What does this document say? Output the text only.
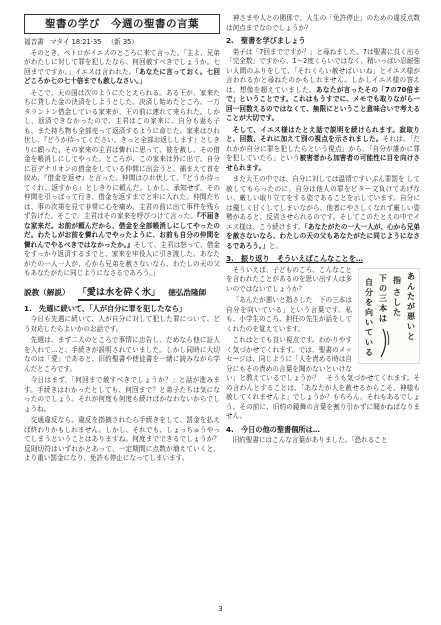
聖書の学び　今週の聖書の言葉
福音書 マタイ 18:21-35 （新 35）

そのとき、ペトロがイエスのところに来て言った。「主よ、兄弟がわたしに対して罪を犯したなら、何回赦すべきでしょうか。七回までですか。」イエスは言われた。「あなたに言っておく。七回どころか七の七十倍までも赦しなさい。」

そこで、天の国は次のようにたとえられる。ある王が、家来たちに貸した金の決済をしようとした。決済し始めたところ、一万タラントン借金している家来が、王の前に連れて来られた。しかし、返済できなかったので、主君はこの家来に、自分も妻も子も、また持ち物も全部売って返済するように命じた。家来はひれ伏し、『どうか待ってください。きっと全部お返しします』としきりに願った。その家来の主君は憐れに思って、彼を赦し、その借金を帳消しにしてやった。ところが、この家来は外に出て、自分に百デナリオンの借金をしている仲間に出会うと、捕まえて首を絞め、『借金を返せ』と言った。仲間はひれ伏して、『どうか待ってくれ。返すから』としきりに頼んだ。しかし、承知せず、その仲間を引っぱって行き、借金を返すまでと牢に入れた。仲間たちは、事の次第を見て非常に心を痛め、主君の前に出て事件を残らず告げた。そこで、主君はその家来を呼びつけて言った。『不届きな家来だ。お前が頼んだから、借金を全部帳消しにしてやったのだ。わたしがお前を憐れんでやったように、お前も自分の仲間を憐れんでやるべきではなかったか。』そして、主君は怒って、借金をすっかり返済するまでと、家来を牢役人に引き渡した。あなたがたの一人一人が、心から兄弟を赦さないなら、わたしの天の父もあなたがたに同じようになさるであろう。」

説教（解説） 「愛は水を砕く氷」 徳弘浩隆師
1.　先週に続いて、「人が自分に罪を犯したなら」

今日も先週に続いて、人が自分に対して犯した罪について、どう対応したらよいかのお話です。

先週は、まず二人のところで事情に忠告し、だめなら他に証人を入れて…と、手続きが説明されていました。しかし同時に大切なのは「愛」であると、旧約聖書や使徒書を一緒に読みながら学んだところです。

今日はまず、「何回まで赦すべきでしょうか？」と話が進みます。手続きはわかったとしても、何回まで？と弟子たちは気になったのでしょう。それが何度も何度も続けばかなわないからでしょうね。

交通違反なら、違反を指摘されたら手続きをして、罰金を払えば終わりかもしれません。しかし、それでも、しょっちゅうやってしまうということはありますね。何度までできるでしょうか？　反則切符はいずれかとあって、一定期間に点数が増えていくと、より重い罰金になり、免許も停止になってしまいます。

神さまや人との関係で、人生の「免許停止」のための違反点数は何点までなのでしょうか？

2.　聖書を学びましょう

弟子は「7回までですか？」と尋ねました。7は聖書に良く出る「完全数」ですから、1～2度くらいではなく、精いっぱい忍耐強い人間のふりをして、「それくらい赦せばいいね」とイエス様が言われるかと尋ねたのかもしれません。しかしイエス様の答えは、想像を超えていました。あなたが言ったその「7の70倍まで」ということです。これはもうすでに、メモでも取りながら一回一回数えるのではなくて、無限にということ意味合いで考えることが大切です。

そして、イエス様はたとえ話で説明を続けられます。寂取りと、回数、それに加えて別の視点を示されました。それは、「だれかが自分に罪を犯したらという視点」から、「自分が誰かに罪を犯していたら」という被害者から加害者の可能性に目を向けさせられます。

また大王の中では、自分に対しては温情ですいぶん罪罰を して赦してもらったのに、自分は他人の罪をピター文負けてあげない、厳しい取り立てをする姿であることを示しています。自分には優しく甘くしてしまいながら、他者にやさしくなれず厳しい姿勢があると、反省させられるのです。そしてこのたとえの中でイエス様は、こう続けます。「あなたがたの一人一人が、心から兄弟を赦さないなら、わたしの天の父もあなたがたに同じようになさるであろう。」と。

3.　振り返り　そういえばこんなことを…
あ
ん
た
が
悪
い
と
指
さ
し
た
下
の
三
本
は
自
分
を
向
い
て
い
る

そういえば、子どものころ、こんなことを言われたことがあるのを思い出す人は多いのではないでしょうか？

「あんたが悪いと指さした　下の三本は自分を向いている」という言葉です。私も、小学生のころ、担任の先生が話をしてくれたのを覚えています。

これはとても良い視点です。わかりやすく気づかせてくれます。では、聖書のメッセージは、同じように「人を責める時は自分にもその責めの言葉を聞かないといけない」と教えているでしょうか？　そうも気づかせてくれます。その言わんとすることは、「あなたが人を赦せるからこそ、神様も赦してくれませんよ」でしょうか？もちろん、それもあるでしょう。その前に、旧約の鏡舞の言葉を割り引かずに聞かねばなりません。

4.　今日の他の聖書個所は…

旧約聖書にはこんな言葉がありました。「恐れること

3
